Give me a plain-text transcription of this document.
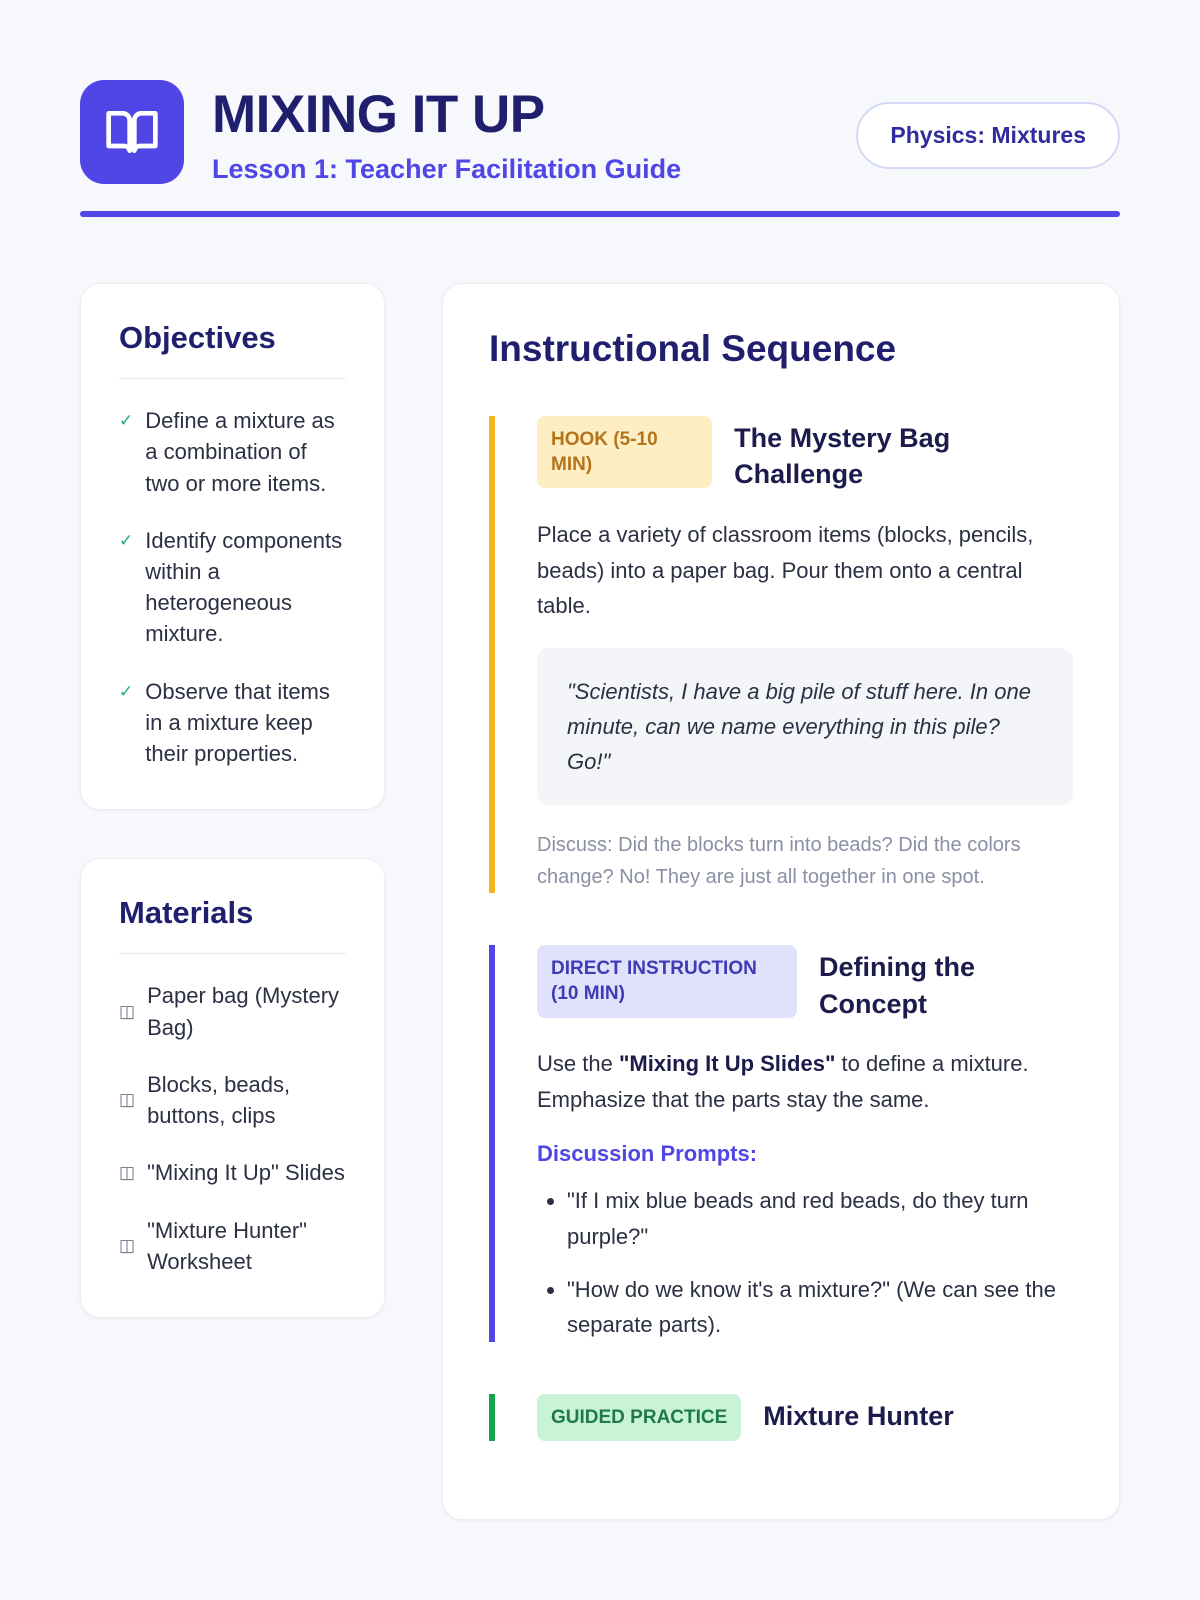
MIXING IT UP

Lesson 1: Teacher Facilitation Guide

Physics: Mixtures
Objectives
✓ Define a mixture as a combination of two or more items.
✓ Identify components within a heterogeneous mixture.
✓ Observe that items in a mixture keep their properties.
Materials
◫
Paper bag (Mystery Bag)
◫
Blocks, beads, buttons, clips
◫ "Mixing It Up" Slides
◫
"Mixture Hunter" Worksheet
Instructional Sequence
HOOK (5-10 MIN)
The Mystery Bag Challenge

Place a variety of classroom items (blocks, pencils, beads) into a paper bag. Pour them onto a central table.

"Scientists, I have a big pile of stuff here. In one minute, can we name everything in this pile? Go!"

Discuss: Did the blocks turn into beads? Did the colors change? No! They are just all together in one spot.

DIRECT INSTRUCTION (10 MIN)
Defining the Concept

Use the "Mixing It Up Slides" to define a mixture. Emphasize that the parts stay the same.

Discussion Prompts:

• "If I mix blue beads and red beads, do they turn purple?"
• "How do we know it's a mixture?" (We can see the separate parts).
GUIDED PRACTICE	Mixture Hunter
